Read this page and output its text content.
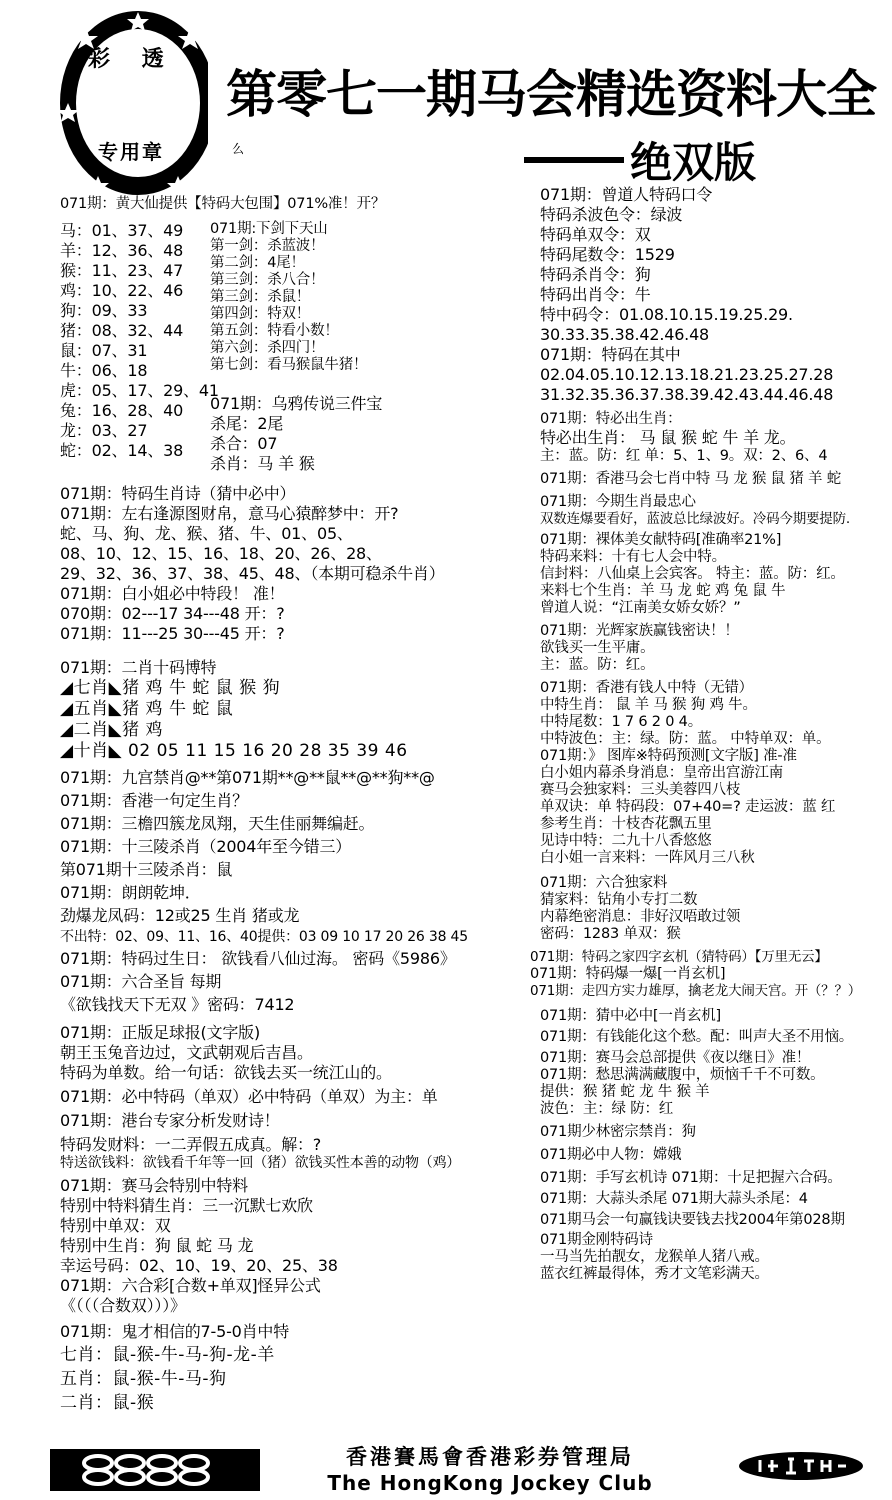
彩 透
专用章
第零七一期马会精选资料大全
么	绝双版
071期：黄大仙提供【特码大包围】071%准！开？
马：01、37、49
羊：12、36、48
猴：11、23、47
鸡：10、22、46
狗：09、33
猪：08、32、44
鼠：07、31
牛：06、18
虎：05、17、29、41
兔：16、28、40
龙：03、27
蛇：02、14、38
071期:下剑下天山
第一剑：杀蓝波！
第二剑：4尾！
第三剑：杀八合！
第三剑：杀鼠！
第四剑：特双！
第五剑：特看小数！
第六剑：杀四门！
第七剑：看马猴鼠牛猪！
071期：乌鸦传说三件宝
杀尾：2尾
杀合：07
杀肖：马 羊 猴
071期：特码生肖诗（猜中必中）
071期：左右逢源图财帛，意马心猿醉梦中：开?
蛇、马、狗、龙、猴、猪、牛、01、05、
08、10、12、15、16、18、20、26、28、
29、32、36、37、38、45、48、（本期可稳杀牛肖）
071期：白小姐必中特段！ 准！
070期：02---17 34---48 开：?
071期：11---25 30---45 开：?
071期：二肖十码博特
◢七肖◣猪 鸡 牛 蛇 鼠 猴 狗
◢五肖◣猪 鸡 牛 蛇 鼠
◢二肖◣猪 鸡
◢十肖◣ 02 05 11 15 16 20 28 35 39 46
071期：九宫禁肖@**第071期**@**鼠**@**狗**@
071期：香港一句定生肖？
071期：三檐四簇龙凤翔，天生佳丽舞编赶。
071期：十三陵杀肖（2004年至今错三）
第071期十三陵杀肖：鼠
071期：朗朗乾坤．
劲爆龙凤码：12或25 生肖 猪或龙
不出特：02、09、11、16、40提供：03 09 10 17 20 26 38 45
071期：特码过生日： 欲钱看八仙过海。 密码《5986》
071期：六合圣旨 每期
《欲钱找天下无双 》密码：7412
071期：正版足球报(文字版)
朝王玉兔音边过，文武朝观后吉昌。
特码为单数。给一句话：欲钱去买一统江山的。
071期：必中特码（单双）必中特码（单双）为主：单
071期：港台专家分析发财诗！
特码发财料：一二弄假五成真。解：?
特送欲钱料：欲钱看千年等一回（猪）欲钱买性本善的动物（鸡）
071期：赛马会特别中特料
特别中特料猜生肖：三一沉默七欢欣
特别中单双：双
特别中生肖：狗 鼠 蛇 马 龙
幸运号码：02、10、19、20、25、38
071期：六合彩[合数+单双]怪异公式
《（（（合数双）））》
071期：鬼才相信的7-5-0肖中特
七肖：鼠-猴-牛-马-狗-龙-羊
五肖：鼠-猴-牛-马-狗
二肖：鼠-猴
071期：曾道人特码口令
特码杀波色令：绿波
特码单双令：双
特码尾数令：1529
特码杀肖令：狗
特码出肖令：牛
特中码令：01.08.10.15.19.25.29.
30.33.35.38.42.46.48
071期：特码在其中
02.04.05.10.12.13.18.21.23.25.27.28
31.32.35.36.37.38.39.42.43.44.46.48
071期：特必出生肖：
特必出生肖： 马 鼠 猴 蛇 牛 羊 龙。
主：蓝。防：红 单：5、1、9。双：2、6、4
071期：香港马会七肖中特 马 龙 猴 鼠 猪 羊 蛇
071期：今期生肖最忠心
双数连爆要看好，蓝波总比绿波好。冷码今期要提防.
071期：裸体美女献特码[准确率21%]
特码来料：十有七人会中特。
信封料：八仙桌上会宾客。 特主：蓝。防：红。
来料七个生肖：羊 马 龙 蛇 鸡 兔 鼠 牛
曾道人说：“江南美女娇女娇？”
071期：光辉家族赢钱密诀！！
欲钱买一生平庸。
主：蓝。防：红。
071期：香港有钱人中特（无错）
中特生肖： 鼠 羊 马 猴 狗 鸡 牛。
中特尾数：1 7 6 2 0 4。
中特波色：主：绿。防：蓝。 中特单双：单。
071期：》 图库※特码预测[文字版] 准-准
白小姐内幕杀身消息：皇帝出宫游江南
赛马会独家料：三头美蓉四八枝
单双诀：单 特码段：07+40=? 走运波：蓝 红
参考生肖：十枝杏花飘五里
见诗中特：二九十八香悠悠
白小姐一言来料：一阵风月三八秋
071期：六合独家料
猜家料：钻角小专打二数
内幕绝密消息：非好汉唔敢过领
密码：1283 单双：猴
071期：特码之家四字玄机（猜特码）【万里无云】
071期：特码爆一爆[一肖玄机]
071期：走四方实力雄厚，擒老龙大闹天宫。开（？？）
071期：猜中必中[一肖玄机]
071期：有钱能化这个愁。配：叫声大圣不用恼。
071期：赛马会总部提供《夜以继日》准！
071期：愁思满满藏腹中，烦恼千千不可数。
提供：猴 猪 蛇 龙 牛 猴 羊
波色：主：绿 防：红
071期少林密宗禁肖：狗
071期必中人物：嫦娥
071期：手写玄机诗 071期：十足把握六合码。
071期：大蒜头杀尾 071期大蒜头杀尾：4
071期马会一句赢钱诀要钱去找2004年第028期
071期金刚特码诗
一马当先拍靓女，龙猴单人猪八戒。
蓝衣红裤最得体，秀才文笔彩满天。
香港賽馬會香港彩券管理局
The HongKong Jockey Club
